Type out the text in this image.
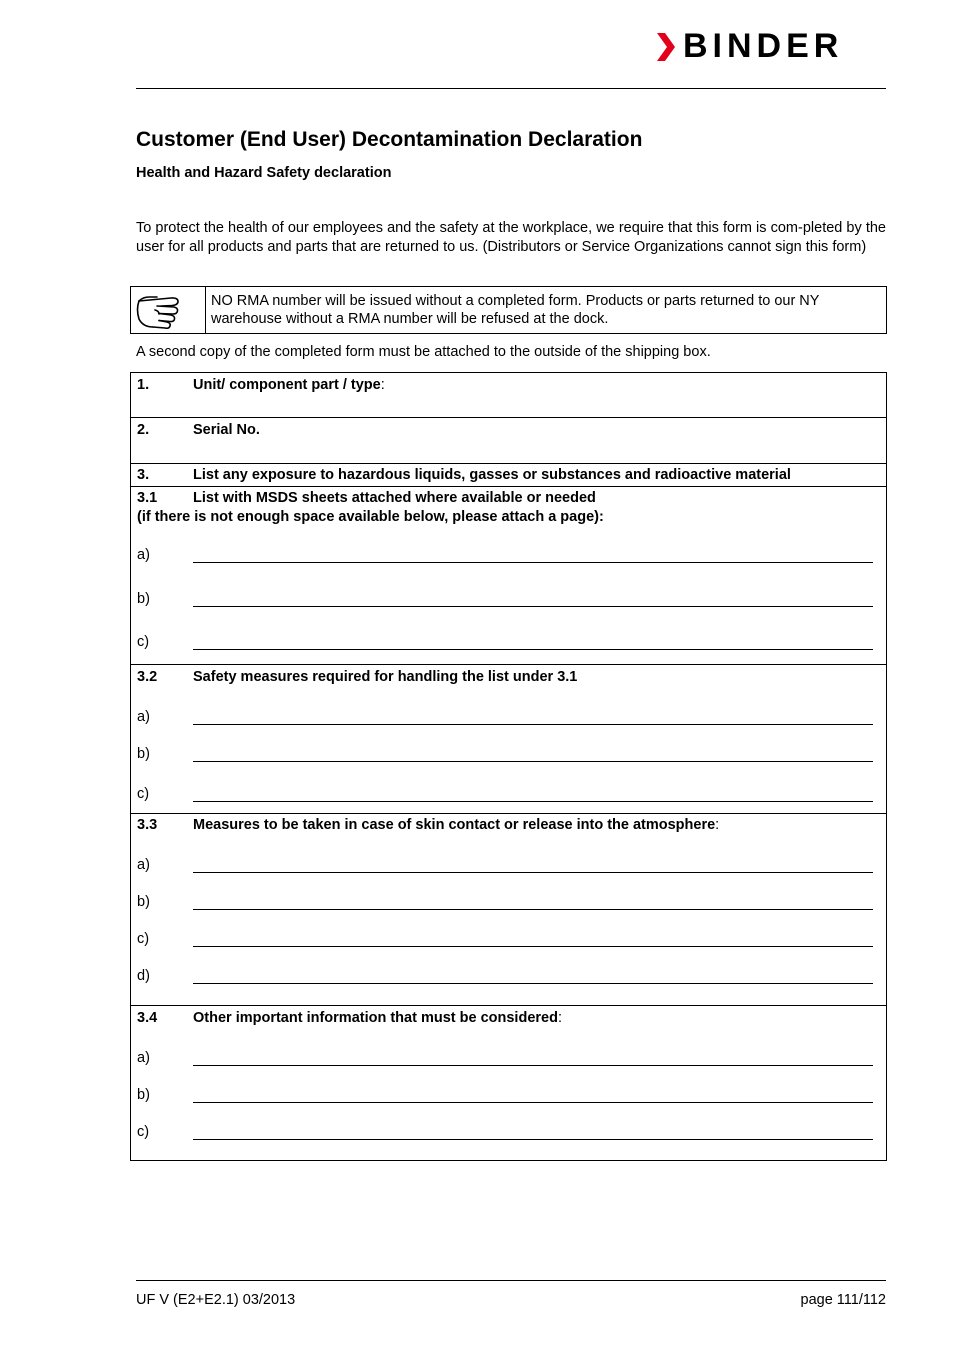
BINDER
Customer (End User) Decontamination Declaration
Health and Hazard Safety declaration

To protect the health of our employees and the safety at the workplace, we require that this form is com-pleted by the user for all products and parts that are returned to us. (Distributors or Service Organizations cannot sign this form)

NO RMA number will be issued without a completed form. Products or parts returned to our NY warehouse without a RMA number will be refused at the dock.

A second copy of the completed form must be attached to the outside of the shipping box.
1.	Unit/ component part / type:
2.	Serial No.
3.	List any exposure to hazardous liquids, gasses or substances and radioactive material
3.1 List with MSDS sheets attached where available or needed
(if there is not enough space available below, please attach a page):
a)
b)
c)
3.2 Safety measures required for handling the list under 3.1
a)
b)
c)
3.3 Measures to be taken in case of skin contact or release into the atmosphere:
a)
b)
c)
d)
3.4 Other important information that must be considered:
a)
b)
c)
UF V (E2+E2.1) 03/2013	page 111/112
